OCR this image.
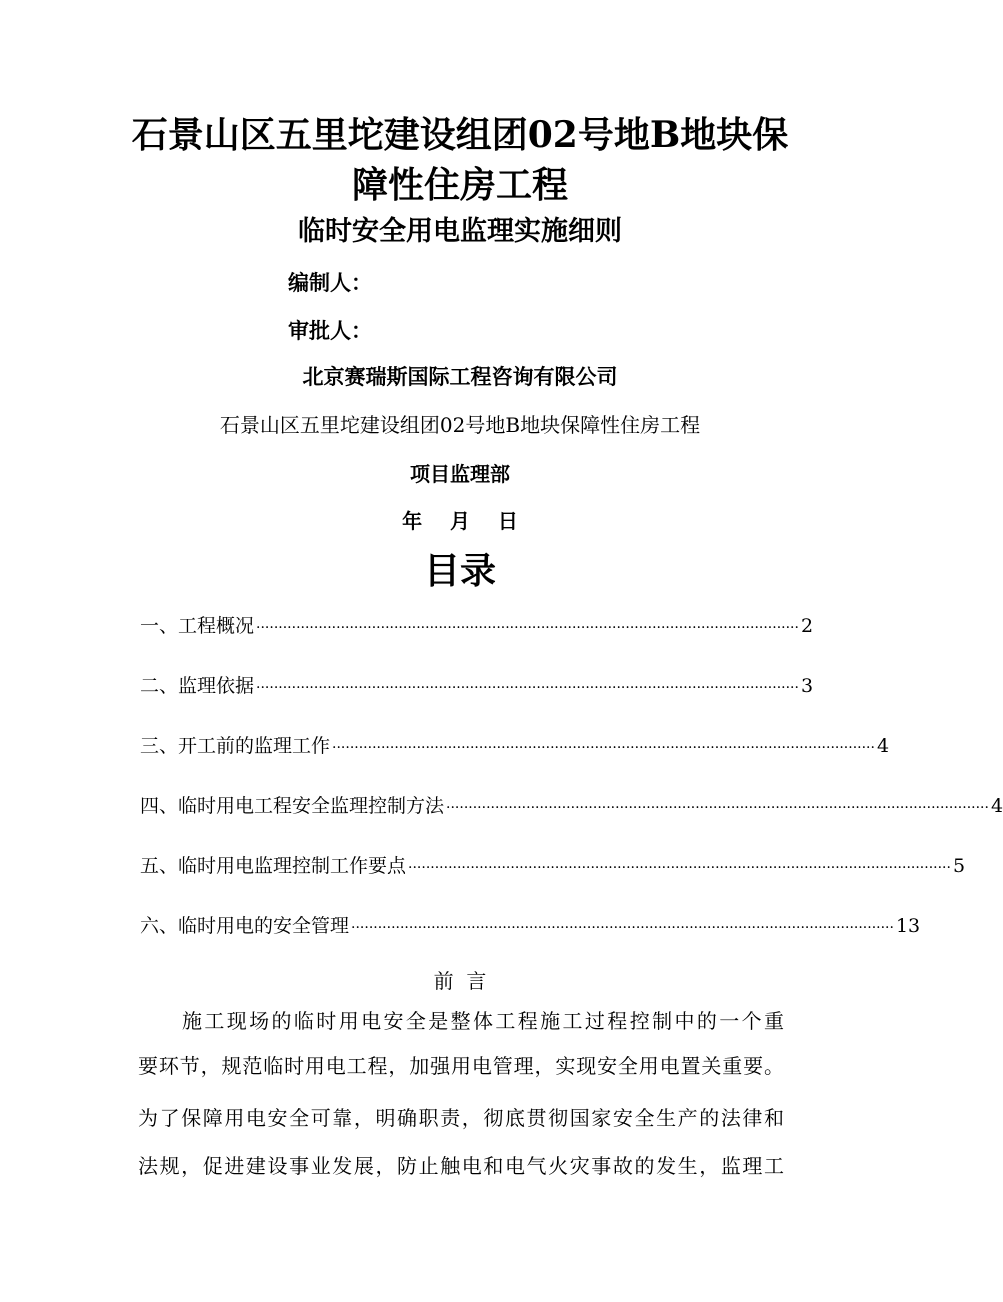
石景山区五里坨建设组团02号地B地块保
障性住房工程
临时安全用电监理实施细则
编制人：
审批人：
北京赛瑞斯国际工程咨询有限公司
石景山区五里坨建设组团02号地B地块保障性住房工程
项目监理部
年    月    日
目录
一、工程概况 ·························································································································· 2
二、监理依据 ·························································································································· 3
三、开工前的监理工作 ·························································································································· 4
四、临时用电工程安全监理控制方法 ·························································································································· 4
五、临时用电监理控制工作要点 ·························································································································· 5
六、临时用电的安全管理 ·························································································································· 13
前  言
施工现场的临时用电安全是整体工程施工过程控制中的一个重
要环节，规范临时用电工程，加强用电管理，实现安全用电置关重要。
为了保障用电安全可靠，明确职责，彻底贯彻国家安全生产的法律和
法规，促进建设事业发展，防止触电和电气火灾事故的发生，监理工
